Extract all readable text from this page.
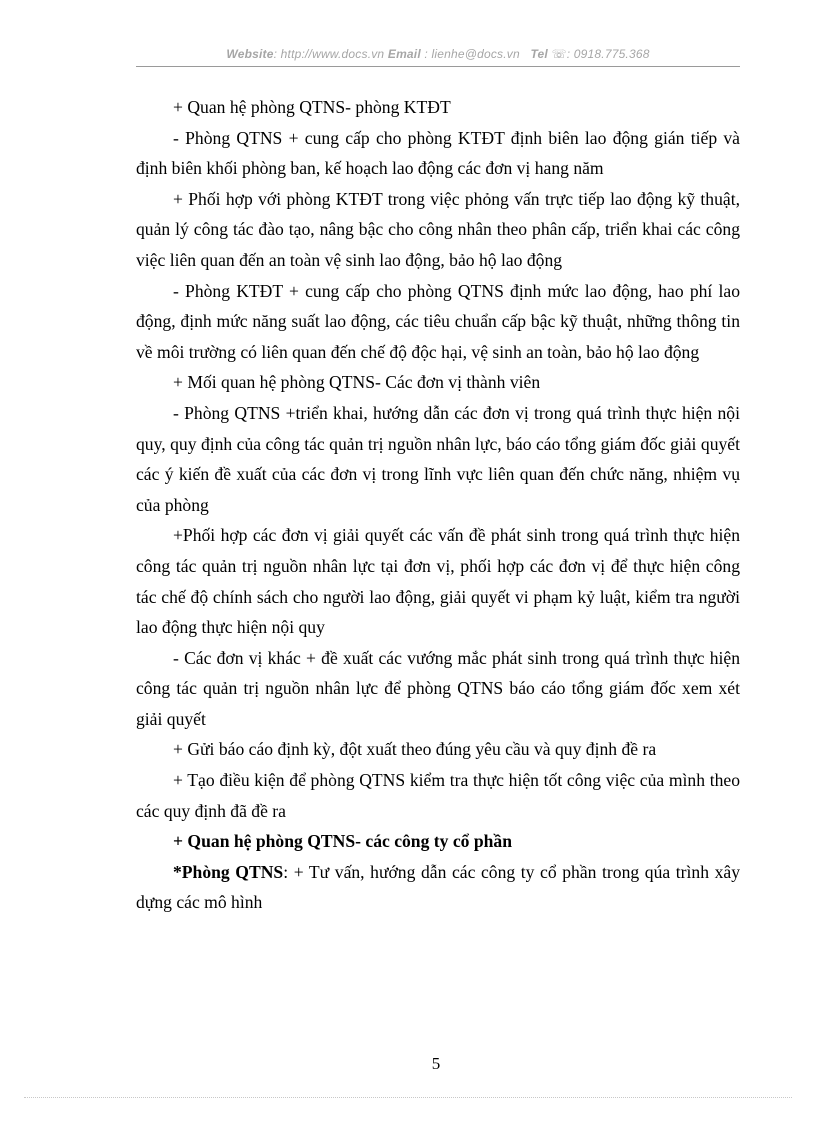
Website: http://www.docs.vn Email : lienhe@docs.vn Tel ☏: 0918.775.368

+ Quan hệ phòng QTNS- phòng KTĐT

- Phòng QTNS + cung cấp cho phòng KTĐT định biên lao động gián tiếp và định biên khối phòng ban, kế hoạch lao động các đơn vị hang năm

+ Phối hợp với phòng KTĐT trong việc phỏng vấn trực tiếp lao động kỹ thuật, quản lý công tác đào tạo, nâng bậc cho công nhân theo phân cấp, triển khai các công việc liên quan đến an toàn vệ sinh lao động, bảo hộ lao động

- Phòng KTĐT + cung cấp cho phòng QTNS định mức lao động, hao phí lao động, định mức năng suất lao động, các tiêu chuẩn cấp bậc kỹ thuật, những thông tin về môi trường có liên quan đến chế độ độc hại, vệ sinh an toàn, bảo hộ lao động

+ Mối quan hệ phòng QTNS- Các đơn vị thành viên

- Phòng QTNS +triển khai, hướng dẫn các đơn vị trong quá trình thực hiện nội quy, quy định của công tác quản trị nguồn nhân lực, báo cáo tổng giám đốc giải quyết các ý kiến đề xuất của các đơn vị trong lĩnh vực liên quan đến chức năng, nhiệm vụ của phòng

+Phối hợp các đơn vị giải quyết các vấn đề phát sinh trong quá trình thực hiện công tác quản trị nguồn nhân lực tại đơn vị, phối hợp các đơn vị để thực hiện công tác chế độ chính sách cho người lao động, giải quyết vi phạm kỷ luật, kiểm tra người lao động thực hiện nội quy

- Các đơn vị khác + đề xuất các vướng mắc phát sinh trong quá trình thực hiện công tác quản trị nguồn nhân lực để phòng QTNS báo cáo tổng giám đốc xem xét giải quyết

+ Gửi báo cáo định kỳ, đột xuất theo đúng yêu cầu và quy định đề ra

+ Tạo điều kiện để phòng QTNS kiểm tra thực hiện tốt công việc của mình theo các quy định đã đề ra

+ Quan hệ phòng QTNS- các công ty cổ phần

*Phòng QTNS: + Tư vấn, hướng dẫn các công ty cổ phần trong qúa trình xây dựng các mô hình

5
